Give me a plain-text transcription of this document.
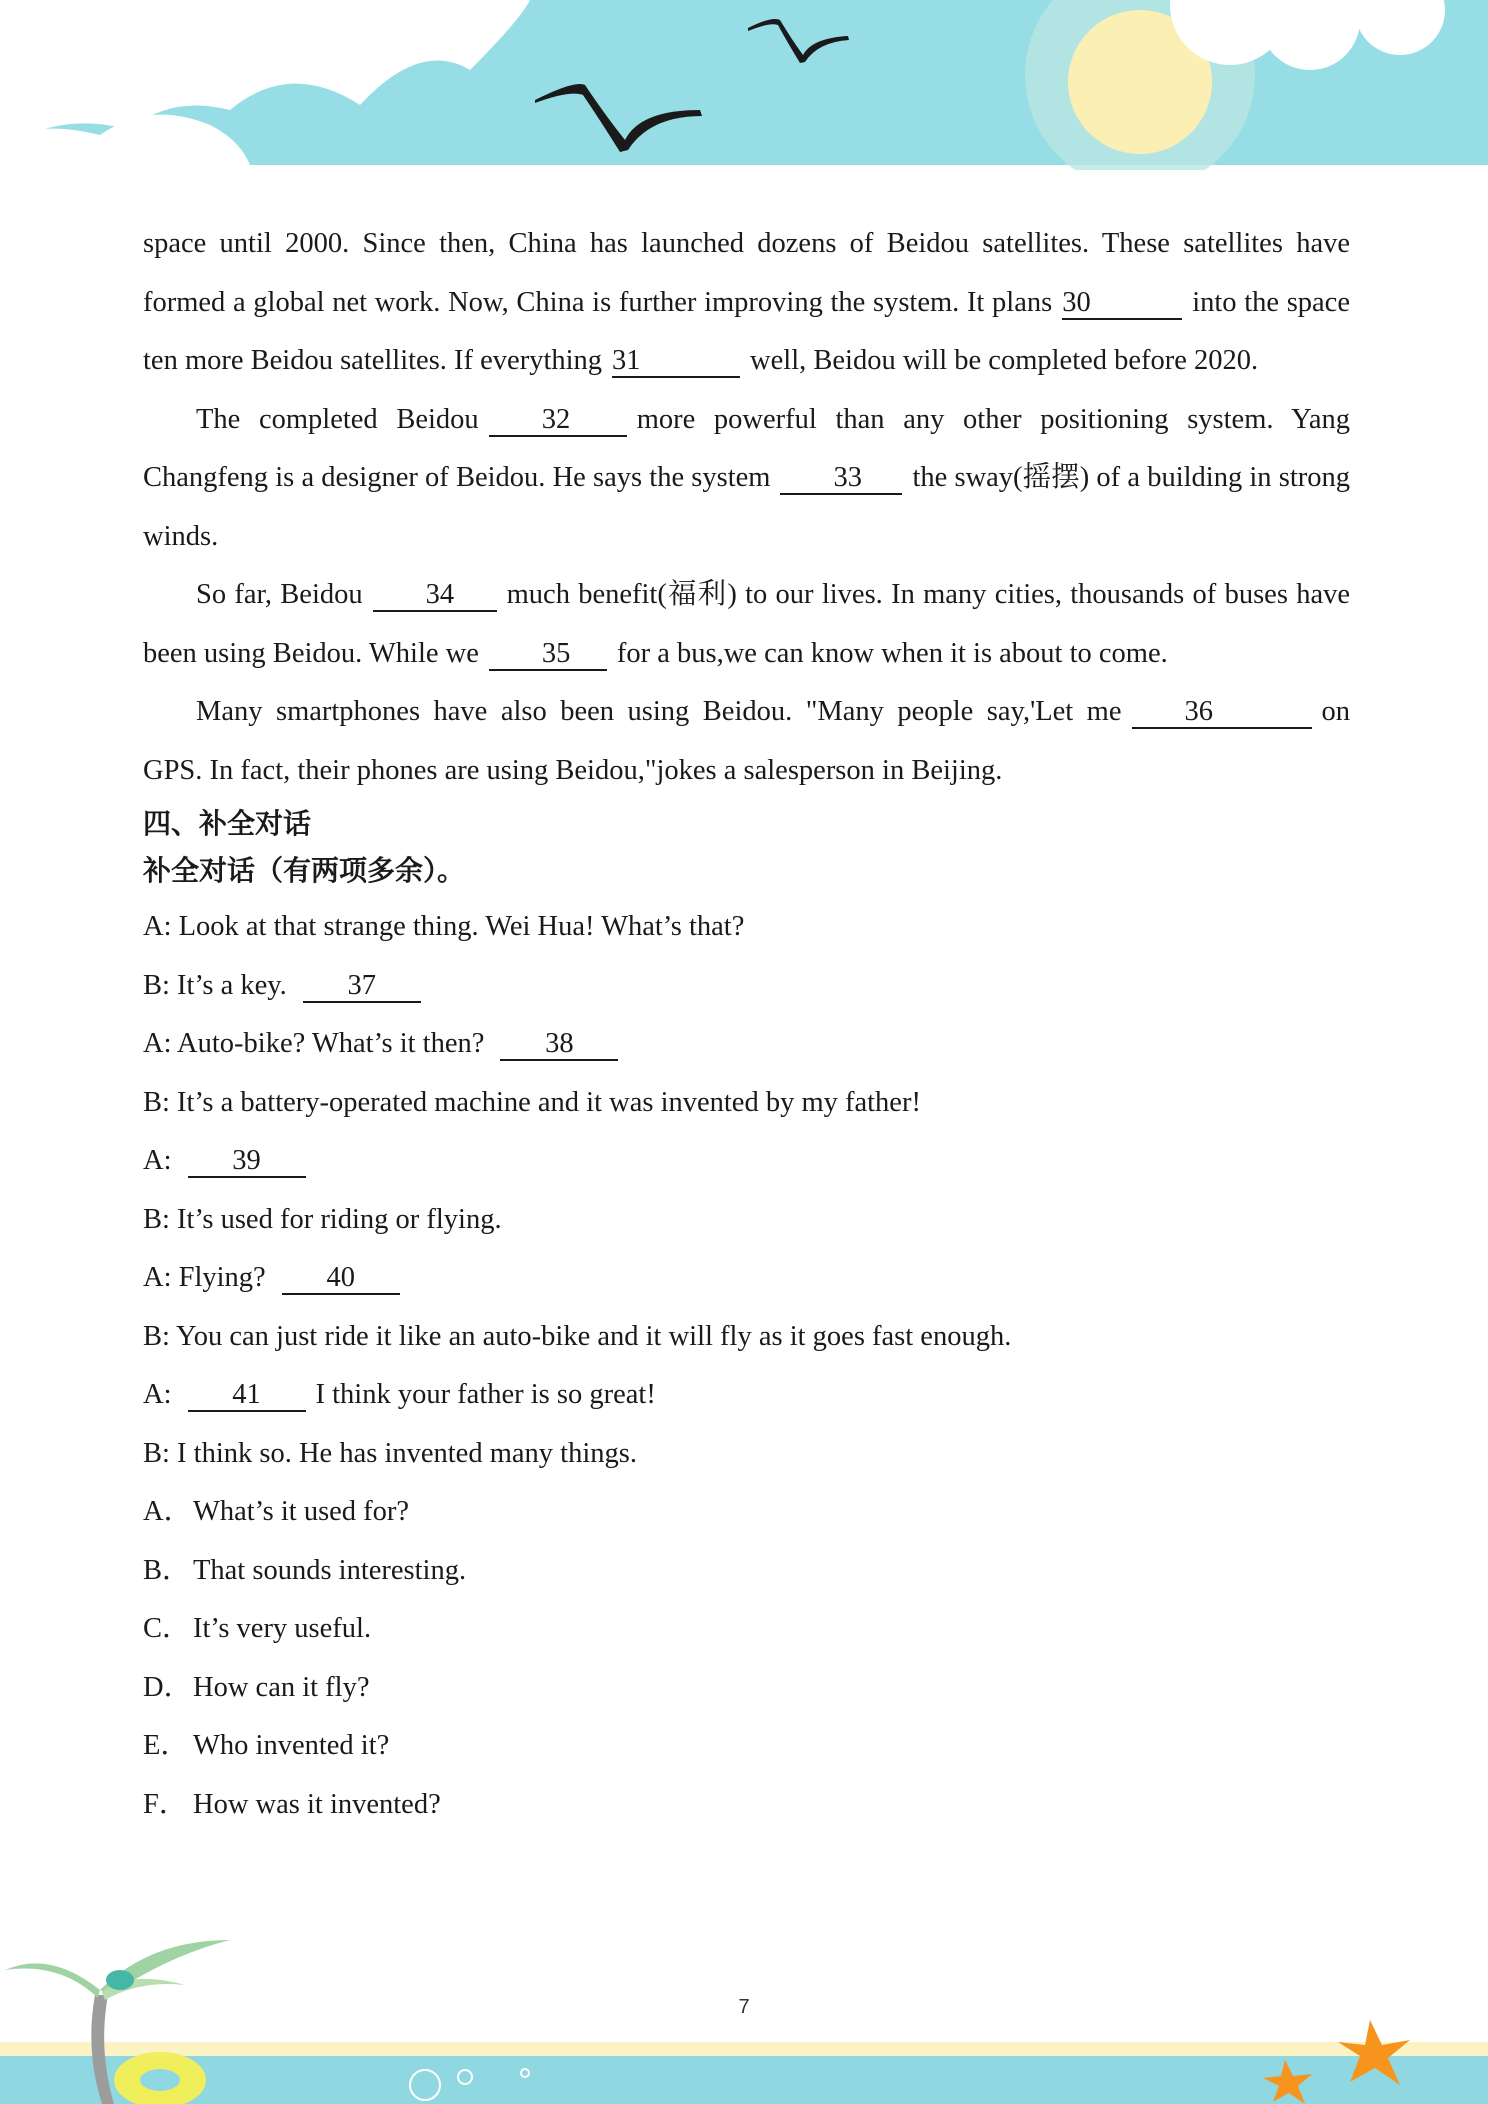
space until 2000. Since then, China has launched dozens of Beidou satellites. These satellites have formed a global net work. Now, China is further improving the system. It plans 30	into the space ten more Beidou satellites. If everything 31	well, Beidou will be completed before 2020.

The completed Beidou 32 more powerful than any other positioning system. Yang Changfeng is a designer of Beidou. He says the system 33 the sway(摇摆) of a building in strong winds.

So far, Beidou 34 much benefit(福利) to our lives. In many cities, thousands of buses have been using Beidou. While we 35 for a bus,we can know when it is about to come.

Many smartphones have also been using Beidou. "Many people say,'Let me 36	on GPS. In fact, their phones are using Beidou,"jokes a salesperson in Beijing.

四、补全对话

补全对话（有两项多余）。

A: Look at that strange thing. Wei Hua! What’s that?

B: It’s a key. 37

A: Auto-bike? What’s it then? 38

B: It’s a battery-operated machine and it was invented by my father!

A: 39

B: It’s used for riding or flying.

A: Flying? 40

B: You can just ride it like an auto-bike and it will fly as it goes fast enough.

A: 41 I think your father is so great!

B: I think so. He has invented many things.

A．What’s it used for?

B．That sounds interesting.

C．It’s very useful.

D．How can it fly?

E． Who invented it?

F． How was it invented?

7
